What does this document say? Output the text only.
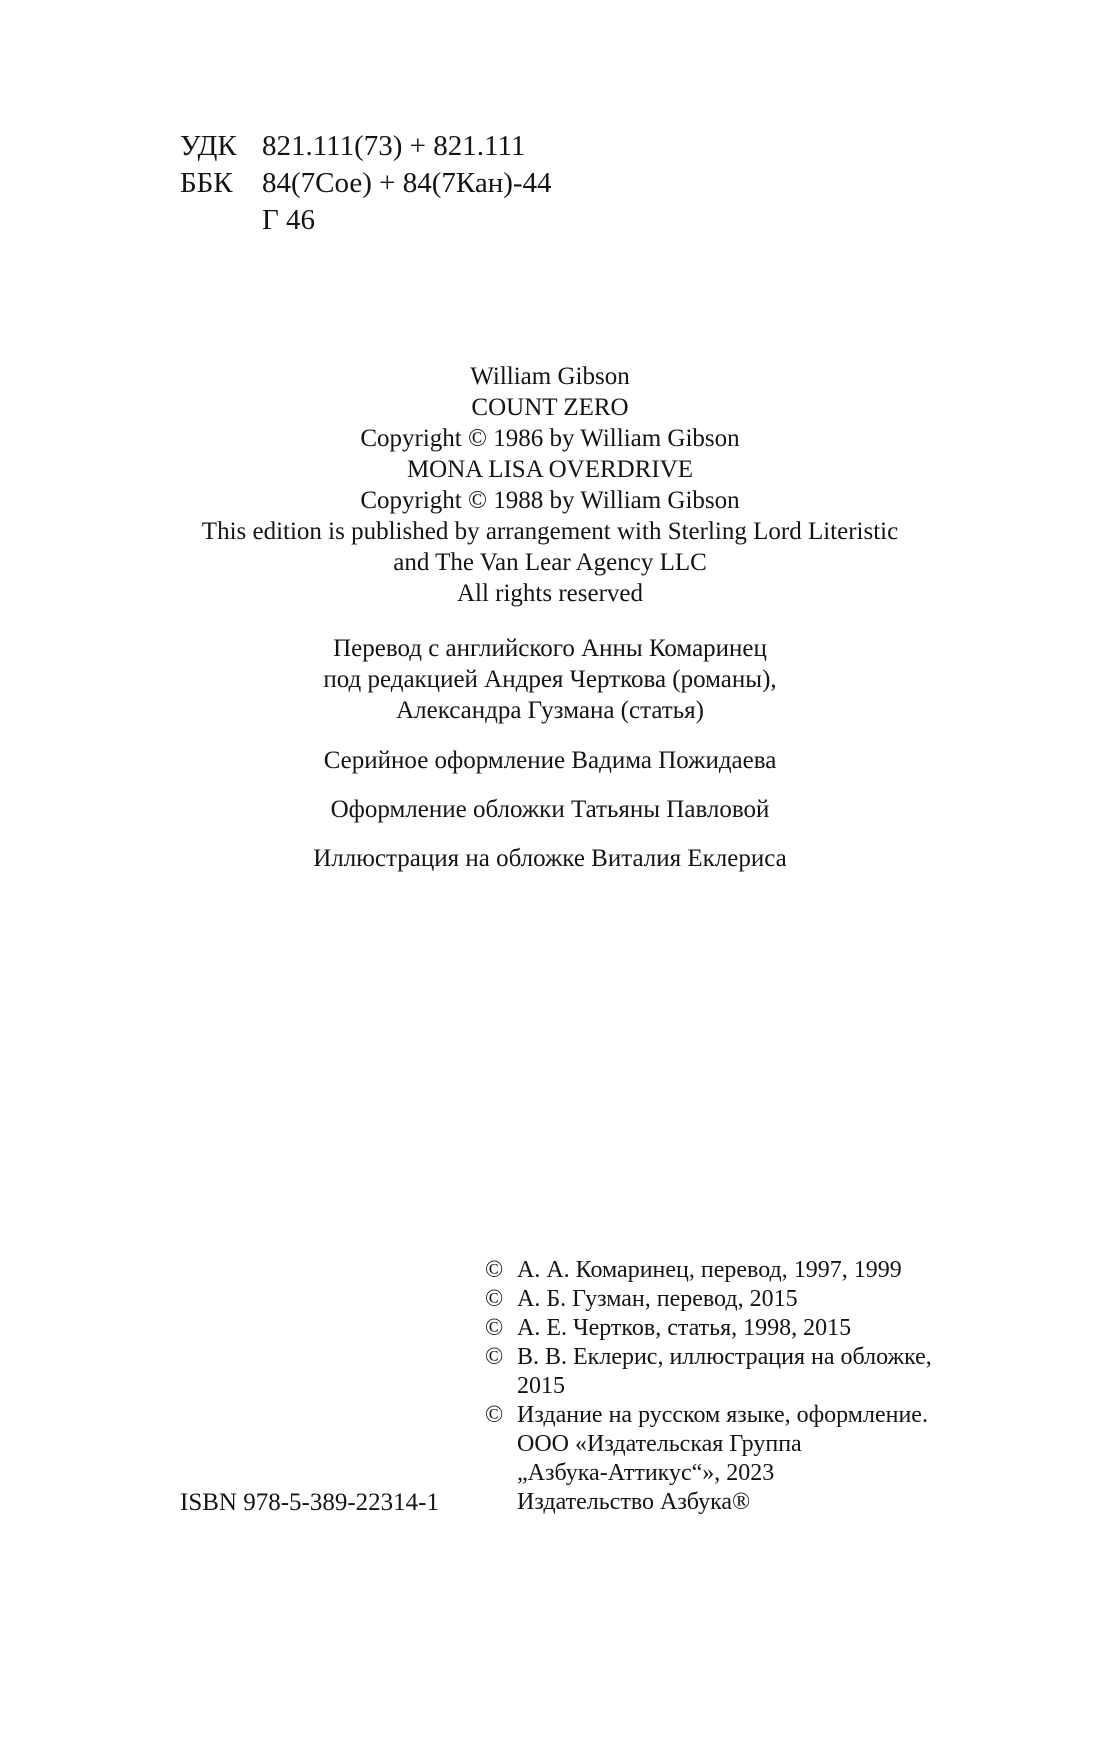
УДК 821.111(73) + 821.111
ББК 84(7Сое) + 84(7Кан)-44
Г 46
William Gibson
COUNT ZERO
Copyright © 1986 by William Gibson
MONA LISA OVERDRIVE
Copyright © 1988 by William Gibson
This edition is published by arrangement with Sterling Lord Literistic
and The Van Lear Agency LLC
All rights reserved
Перевод с английского Анны Комаринец
под редакцией Андрея Черткова (романы),
Александра Гузмана (статья)
Серийное оформление Вадима Пожидаева
Оформление обложки Татьяны Павловой
Иллюстрация на обложке Виталия Еклериса
© А. А. Комаринец, перевод, 1997, 1999
© А. Б. Гузман, перевод, 2015
© А. Е. Чертков, статья, 1998, 2015
© В. В. Еклерис, иллюстрация на обложке,
2015
© Издание на русском языке, оформление.
ООО «Издательская Группа
„Азбука-Аттикус“», 2023
Издательство Азбука®
ISBN 978-5-389-22314-1
